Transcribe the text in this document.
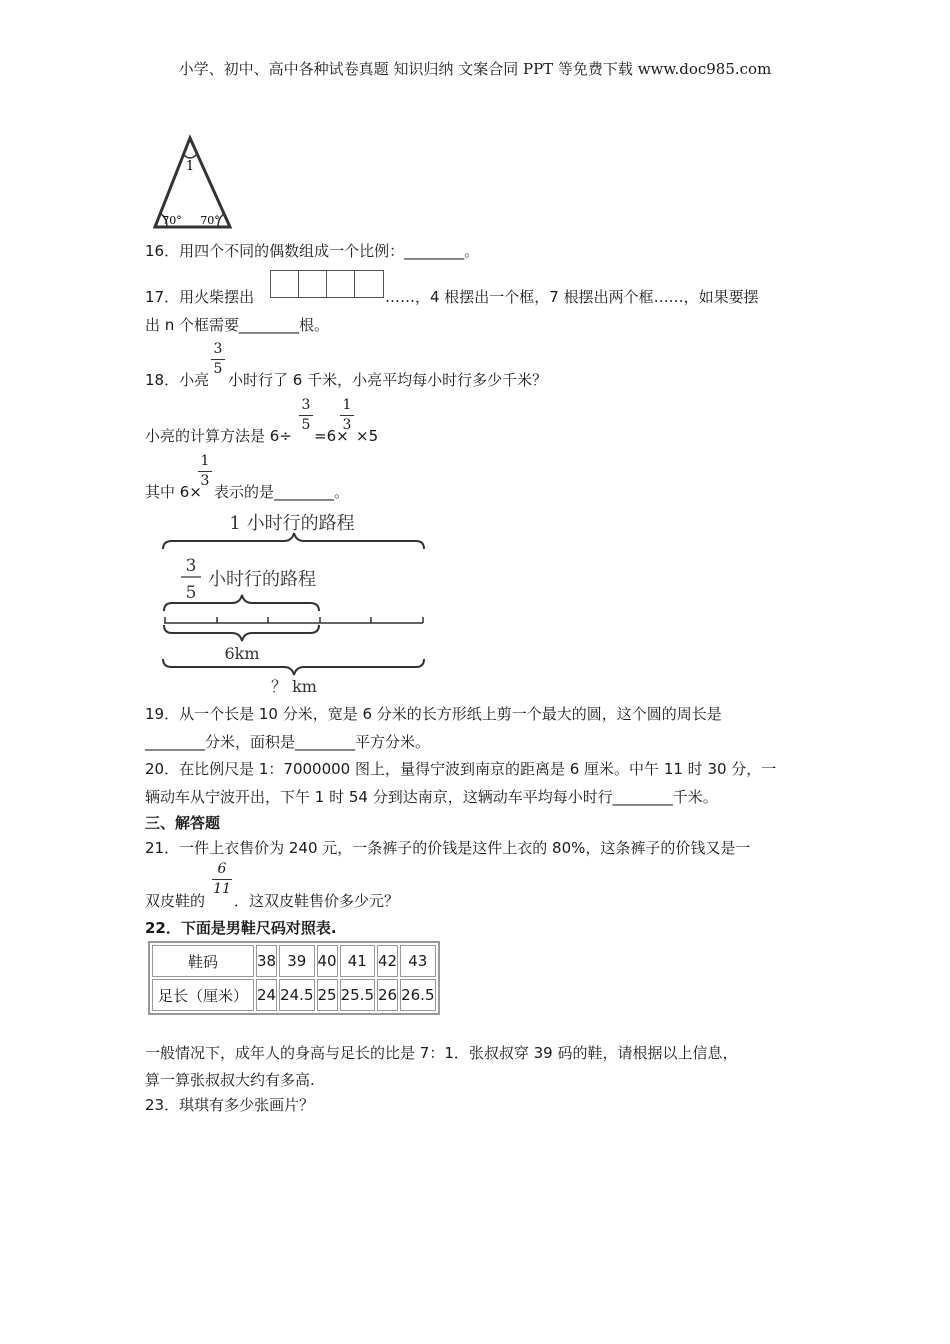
小学、初中、高中各种试卷真题 知识归纳 文案合同 PPT 等免费下载 www.doc985.com
1
70° 70°
16．用四个不同的偶数组成一个比例：________。
17．用火柴摆出	……，4 根摆出一个框，7 根摆出两个框……，如果要摆
出 n 个框需要________根。
18．小亮
3
5
小时行了 6 千米，小亮平均每小时行多少千米？
小亮的计算方法是 6÷
3
5
=6×
1
3
×5
其中 6×
1
3
表示的是________。
1 小时行的路程
3
5
小时行的路程
6km
？ km
19．从一个长是 10 分米，宽是 6 分米的长方形纸上剪一个最大的圆，这个圆的周长是
________分米，面积是________平方分米。
20．在比例尺是 1：7000000 图上，量得宁波到南京的距离是 6 厘米。中午 11 时 30 分，一
辆动车从宁波开出，下午 1 时 54 分到达南京，这辆动车平均每小时行________千米。
三、解答题
21．一件上衣售价为 240 元，一条裤子的价钱是这件上衣的 80%，这条裤子的价钱又是一
双皮鞋的
6
11
．这双皮鞋售价多少元？
22．下面是男鞋尺码对照表.
鞋码	38	39	40	41	42	43
足长（厘米）	24	24.5	25	25.5	26	26.5
一般情况下，成年人的身高与足长的比是 7：1．张叔叔穿 39 码的鞋，请根据以上信息，
算一算张叔叔大约有多高.
23．琪琪有多少张画片？
